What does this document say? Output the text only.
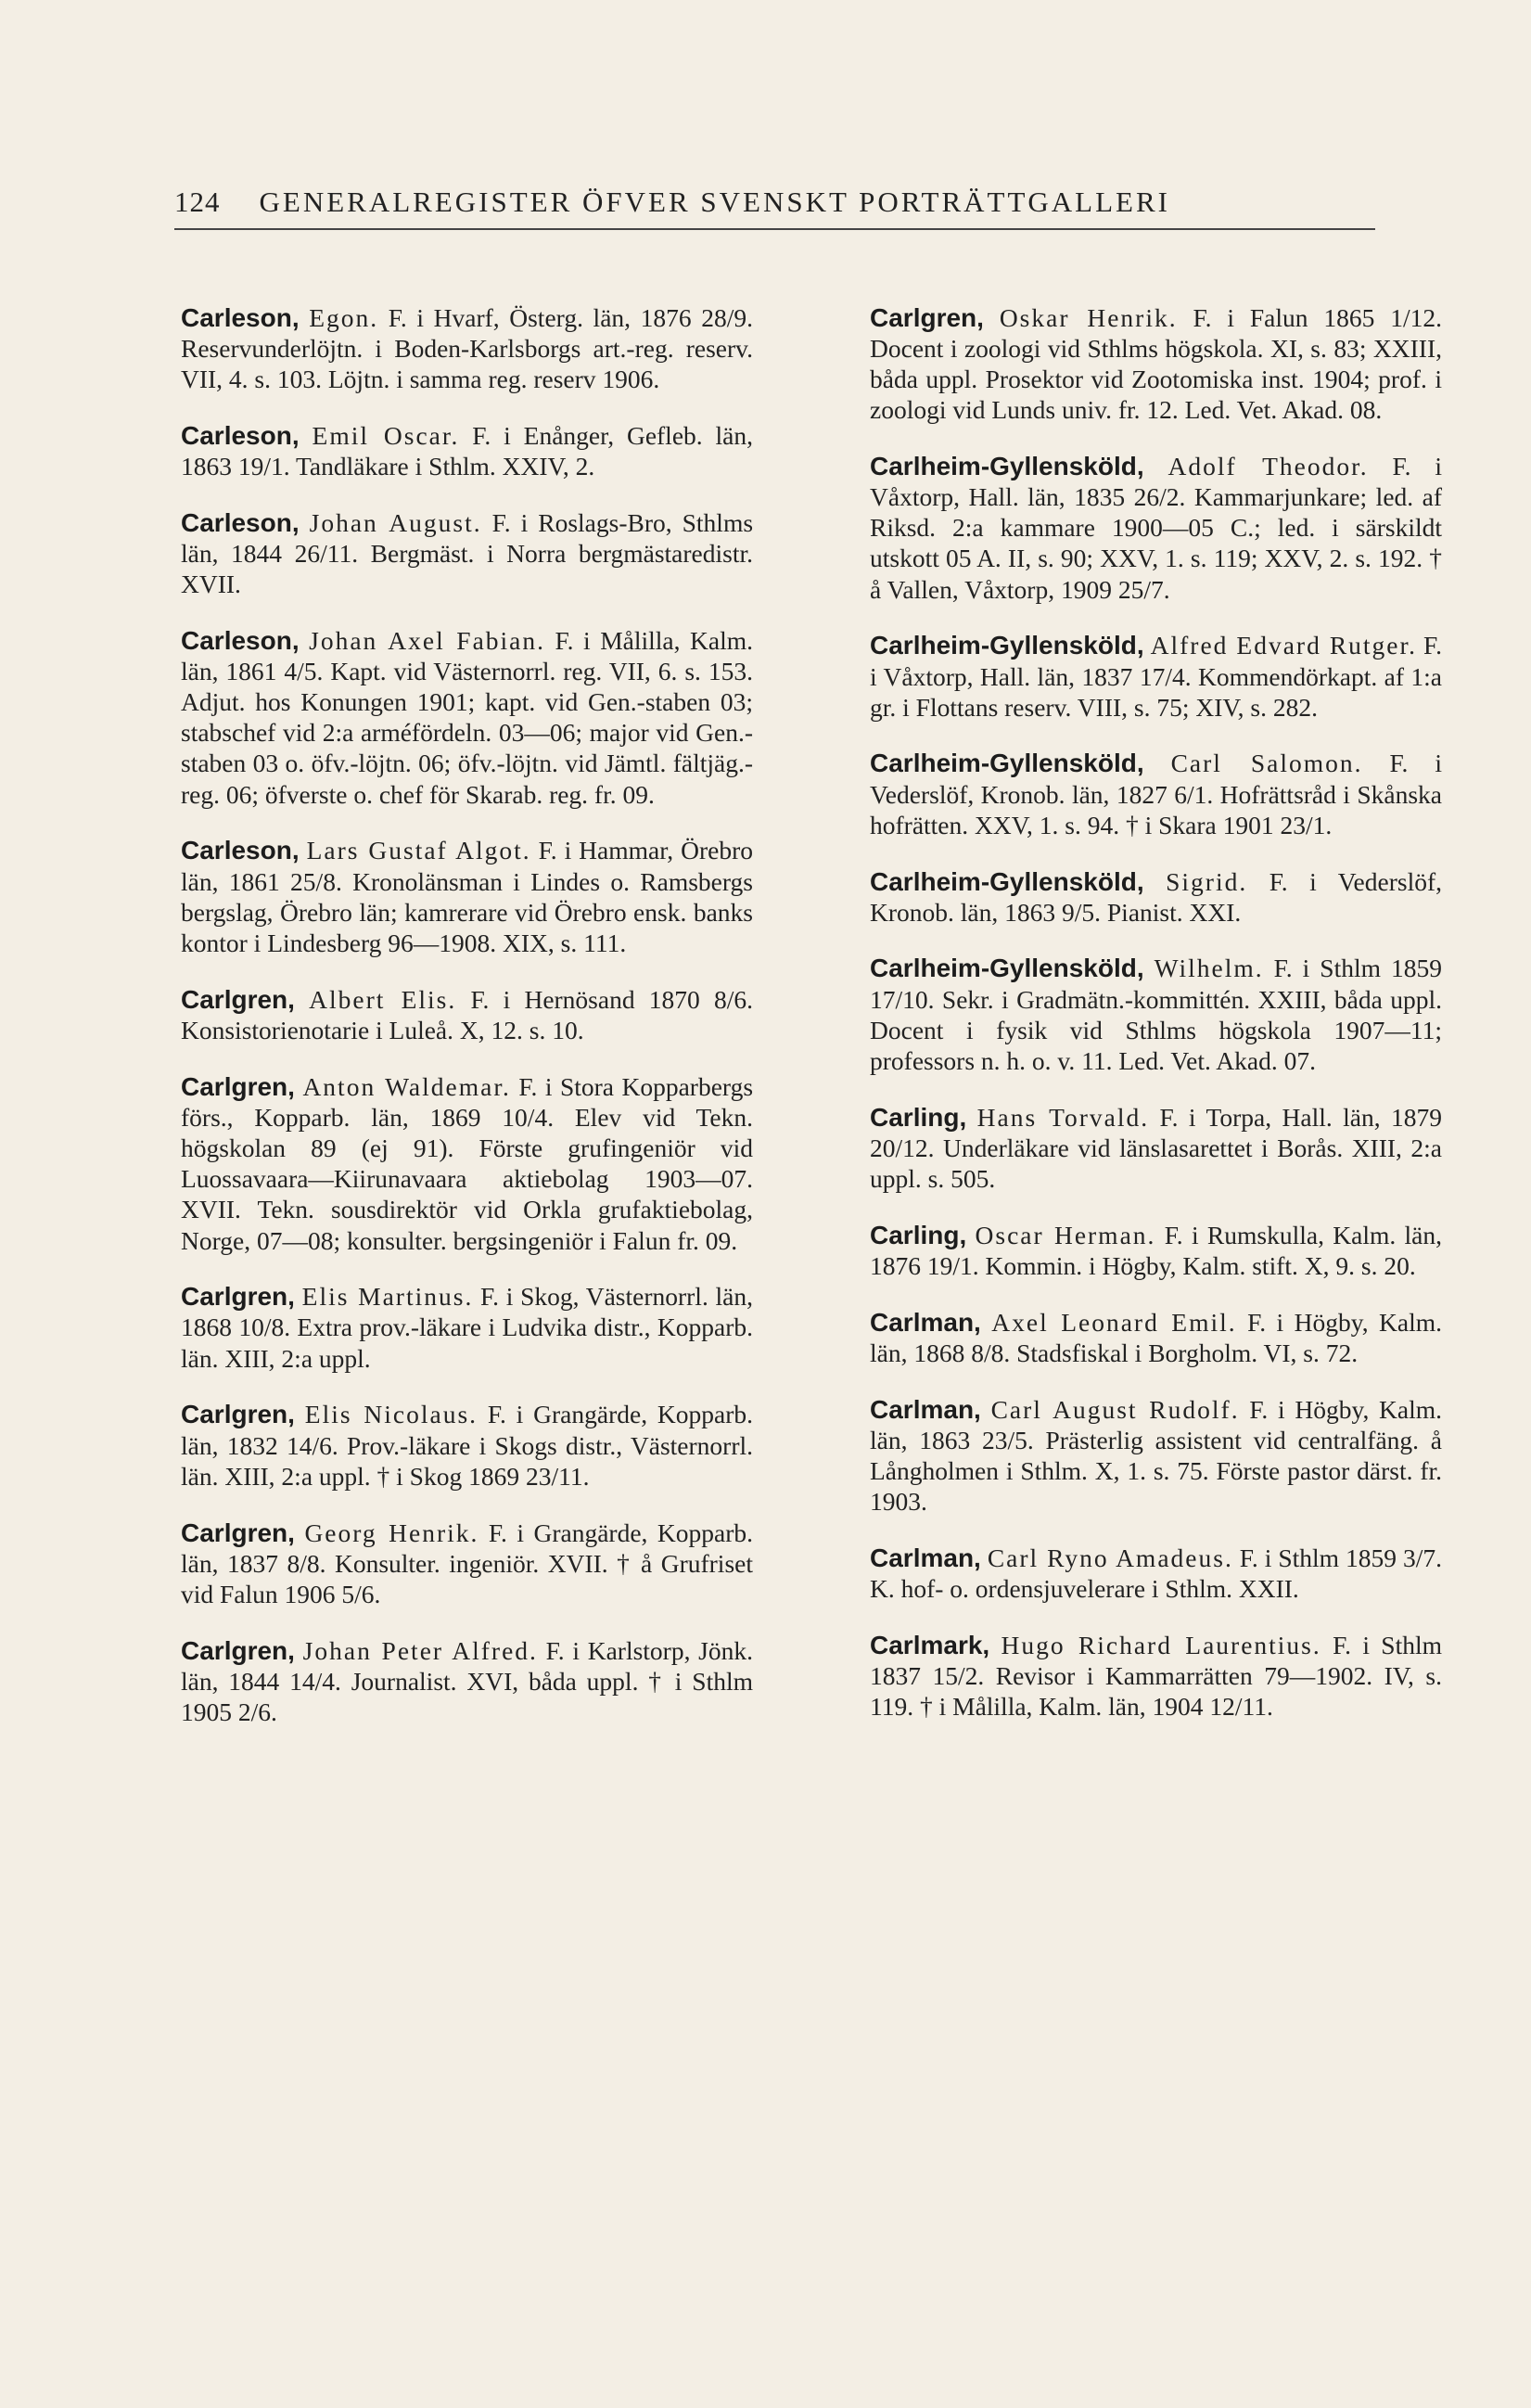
124 GENERALREGISTER ÖFVER SVENSKT PORTRÄTTGALLERI

Carleson, Egon. F. i Hvarf, Österg. län, 1876 28/9. Reservunderlöjtn. i Boden-Karlsborgs art.-reg. reserv. VII, 4. s. 103. Löjtn. i samma reg. reserv 1906.

Carleson, Emil Oscar. F. i Enånger, Gefleb. län, 1863 19/1. Tandläkare i Sthlm. XXIV, 2.

Carleson, Johan August. F. i Roslags-Bro, Sthlms län, 1844 26/11. Bergmäst. i Norra bergmästaredistr. XVII.

Carleson, Johan Axel Fabian. F. i Målilla, Kalm. län, 1861 4/5. Kapt. vid Västernorrl. reg. VII, 6. s. 153. Adjut. hos Konungen 1901; kapt. vid Gen.-staben 03; stabschef vid 2:a arméfördeln. 03—06; major vid Gen.-staben 03 o. öfv.-löjtn. 06; öfv.-löjtn. vid Jämtl. fältjäg.-reg. 06; öfverste o. chef för Skarab. reg. fr. 09.

Carleson, Lars Gustaf Algot. F. i Hammar, Örebro län, 1861 25/8. Kronolänsman i Lindes o. Ramsbergs bergslag, Örebro län; kamrerare vid Örebro ensk. banks kontor i Lindesberg 96—1908. XIX, s. 111.

Carlgren, Albert Elis. F. i Hernösand 1870 8/6. Konsistorienotarie i Luleå. X, 12. s. 10.

Carlgren, Anton Waldemar. F. i Stora Kopparbergs förs., Kopparb. län, 1869 10/4. Elev vid Tekn. högskolan 89 (ej 91). Förste grufingeniör vid Luossavaara—Kiirunavaara aktiebolag 1903—07. XVII. Tekn. sousdirektör vid Orkla grufaktiebolag, Norge, 07—08; konsulter. bergsingeniör i Falun fr. 09.

Carlgren, Elis Martinus. F. i Skog, Västernorrl. län, 1868 10/8. Extra prov.-läkare i Ludvika distr., Kopparb. län. XIII, 2:a uppl.

Carlgren, Elis Nicolaus. F. i Grangärde, Kopparb. län, 1832 14/6. Prov.-läkare i Skogs distr., Västernorrl. län. XIII, 2:a uppl. † i Skog 1869 23/11.

Carlgren, Georg Henrik. F. i Grangärde, Kopparb. län, 1837 8/8. Konsulter. ingeniör. XVII. † å Grufriset vid Falun 1906 5/6.

Carlgren, Johan Peter Alfred. F. i Karlstorp, Jönk. län, 1844 14/4. Journalist. XVI, båda uppl. † i Sthlm 1905 2/6.

Carlgren, Oskar Henrik. F. i Falun 1865 1/12. Docent i zoologi vid Sthlms högskola. XI, s. 83; XXIII, båda uppl. Prosektor vid Zootomiska inst. 1904; prof. i zoologi vid Lunds univ. fr. 12. Led. Vet. Akad. 08.

Carlheim-Gyllensköld, Adolf Theodor. F. i Våxtorp, Hall. län, 1835 26/2. Kammarjunkare; led. af Riksd. 2:a kammare 1900—05 C.; led. i särskildt utskott 05 A. II, s. 90; XXV, 1. s. 119; XXV, 2. s. 192. † å Vallen, Våxtorp, 1909 25/7.

Carlheim-Gyllensköld, Alfred Edvard Rutger. F. i Våxtorp, Hall. län, 1837 17/4. Kommendörkapt. af 1:a gr. i Flottans reserv. VIII, s. 75; XIV, s. 282.

Carlheim-Gyllensköld, Carl Salomon. F. i Vederslöf, Kronob. län, 1827 6/1. Hofrättsråd i Skånska hofrätten. XXV, 1. s. 94. † i Skara 1901 23/1.

Carlheim-Gyllensköld, Sigrid. F. i Vederslöf, Kronob. län, 1863 9/5. Pianist. XXI.

Carlheim-Gyllensköld, Wilhelm. F. i Sthlm 1859 17/10. Sekr. i Gradmätn.-kommittén. XXIII, båda uppl. Docent i fysik vid Sthlms högskola 1907—11; professors n. h. o. v. 11. Led. Vet. Akad. 07.

Carling, Hans Torvald. F. i Torpa, Hall. län, 1879 20/12. Underläkare vid länslasarettet i Borås. XIII, 2:a uppl. s. 505.

Carling, Oscar Herman. F. i Rumskulla, Kalm. län, 1876 19/1. Kommin. i Högby, Kalm. stift. X, 9. s. 20.

Carlman, Axel Leonard Emil. F. i Högby, Kalm. län, 1868 8/8. Stadsfiskal i Borgholm. VI, s. 72.

Carlman, Carl August Rudolf. F. i Högby, Kalm. län, 1863 23/5. Prästerlig assistent vid centralfäng. å Långholmen i Sthlm. X, 1. s. 75. Förste pastor därst. fr. 1903.

Carlman, Carl Ryno Amadeus. F. i Sthlm 1859 3/7. K. hof- o. ordensjuvelerare i Sthlm. XXII.

Carlmark, Hugo Richard Laurentius. F. i Sthlm 1837 15/2. Revisor i Kammarrätten 79—1902. IV, s. 119. † i Målilla, Kalm. län, 1904 12/11.
